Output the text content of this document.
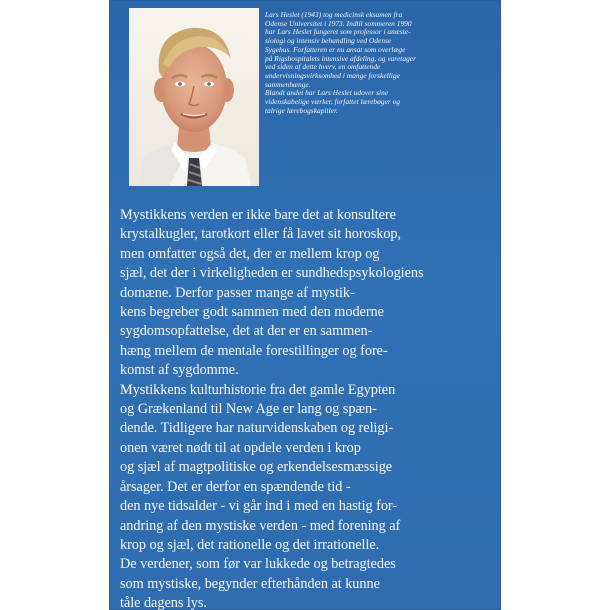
Lars Heslet (1943) tog medicinsk eksamen fra
Odense Universitet i 1973. Indtil sommeren 1990
har Lars Heslet fungeret som professor i anæste-
siologi og intensiv behandling ved Odense
Sygehus. Forfatteren er nu ansat som overlæge
på Rigshospitalets intensive afdeling, og varetager
ved siden af dette hverv, en omfattende
undervisningsvirksomhed i mange forskellige
sammenhænge.
Blandt andet har Lars Heslet udover sine
videnskabelige værker, forfattet lærebøger og
talrige lærebogskapitler.

Mystikkens verden er ikke bare det at konsultere
krystalkugler, tarotkort eller få lavet sit horoskop,
men omfatter også det, der er mellem krop og
sjæl, det der i virkeligheden er sundhedspsykologiens
domæne. Derfor passer mange af mystik-
kens begreber godt sammen med den moderne
sygdomsopfattelse, det at der er en sammen-
hæng mellem de mentale forestillinger og fore-
komst af sygdomme.
Mystikkens kulturhistorie fra det gamle Egypten
og Grækenland til New Age er lang og spæn-
dende. Tidligere har naturvidenskaben og religi-
onen været nødt til at opdele verden i krop
og sjæl af magtpolitiske og erkendelsesmæssige
årsager. Det er derfor en spændende tid -
den nye tidsalder - vi går ind i med en hastig for-
andring af den mystiske verden - med forening af
krop og sjæl, det rationelle og det irrationelle.
De verdener, som før var lukkede og betragtedes
som mystiske, begynder efterhånden at kunne
tåle dagens lys.
